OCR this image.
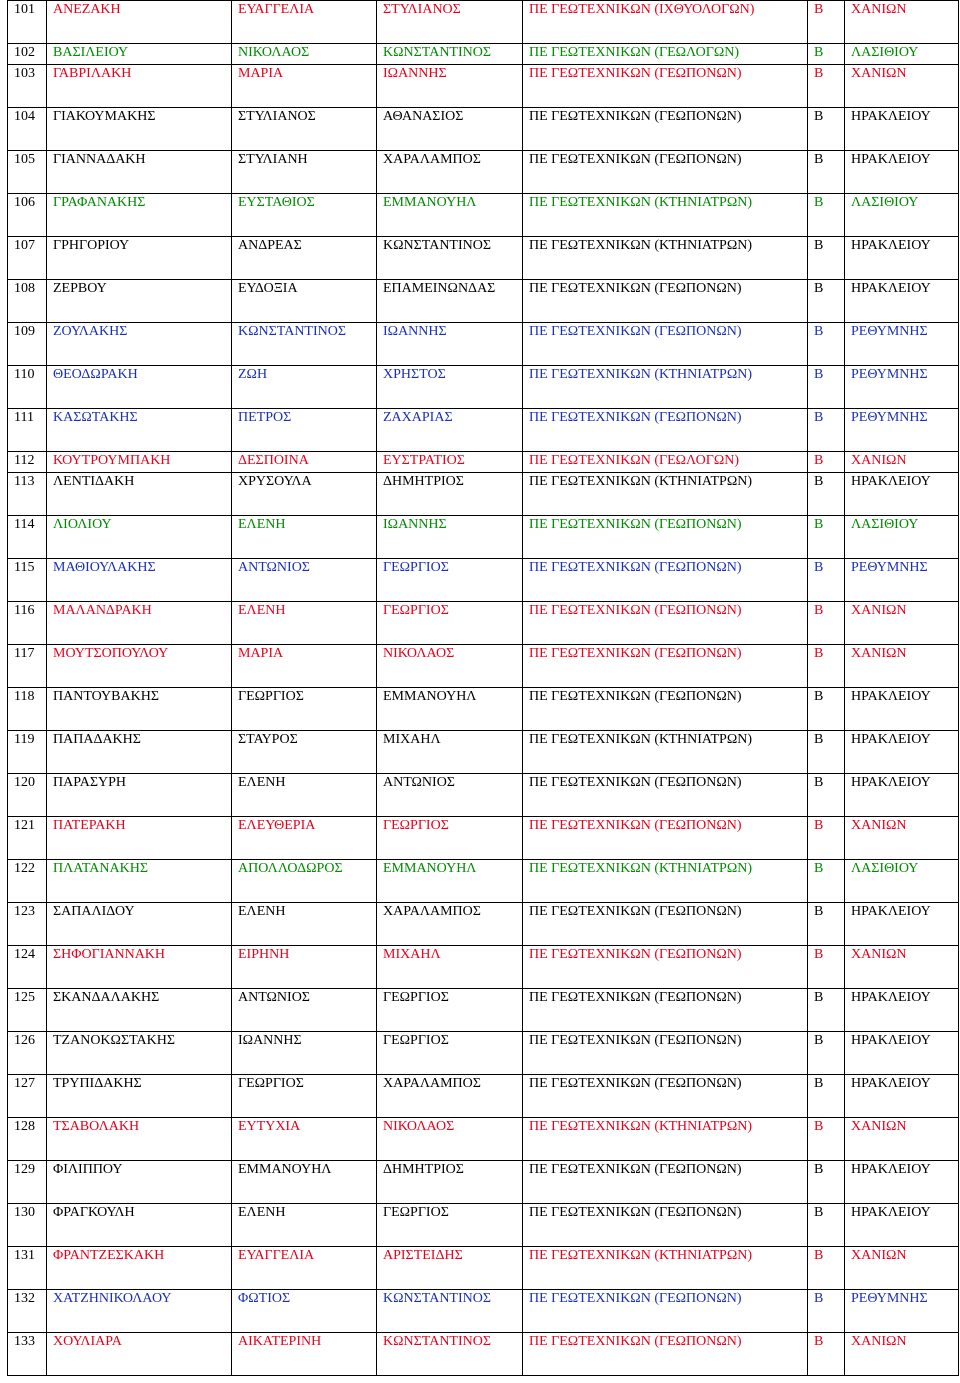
101	ΑΝΕΖΑΚΗ	ΕΥΑΓΓΕΛΙΑ	ΣΤΥΛΙΑΝΟΣ	ΠΕ ΓΕΩΤΕΧΝΙΚΩΝ (ΙΧΘΥΟΛΟΓΩΝ)	Β	ΧΑΝΙΩΝ
102	ΒΑΣΙΛΕΙΟΥ	ΝΙΚΟΛΑΟΣ	ΚΩΝΣΤΑΝΤΙΝΟΣ	ΠΕ ΓΕΩΤΕΧΝΙΚΩΝ (ΓΕΩΛΟΓΩΝ)	Β	ΛΑΣΙΘΙΟΥ
103	ΓΑΒΡΙΛΑΚΗ	ΜΑΡΙΑ	ΙΩΑΝΝΗΣ	ΠΕ ΓΕΩΤΕΧΝΙΚΩΝ (ΓΕΩΠΟΝΩΝ)	Β	ΧΑΝΙΩΝ
104	ΓΙΑΚΟΥΜΑΚΗΣ	ΣΤΥΛΙΑΝΟΣ	ΑΘΑΝΑΣΙΟΣ	ΠΕ ΓΕΩΤΕΧΝΙΚΩΝ (ΓΕΩΠΟΝΩΝ)	Β	ΗΡΑΚΛΕΙΟΥ
105	ΓΙΑΝΝΑΔΑΚΗ	ΣΤΥΛΙΑΝΗ	ΧΑΡΑΛΑΜΠΟΣ	ΠΕ ΓΕΩΤΕΧΝΙΚΩΝ (ΓΕΩΠΟΝΩΝ)	Β	ΗΡΑΚΛΕΙΟΥ
106	ΓΡΑΦΑΝΑΚΗΣ	ΕΥΣΤΑΘΙΟΣ	ΕΜΜΑΝΟΥΗΛ	ΠΕ ΓΕΩΤΕΧΝΙΚΩΝ (ΚΤΗΝΙΑΤΡΩΝ)	Β	ΛΑΣΙΘΙΟΥ
107	ΓΡΗΓΟΡΙΟΥ	ΑΝΔΡΕΑΣ	ΚΩΝΣΤΑΝΤΙΝΟΣ	ΠΕ ΓΕΩΤΕΧΝΙΚΩΝ (ΚΤΗΝΙΑΤΡΩΝ)	Β	ΗΡΑΚΛΕΙΟΥ
108	ΖΕΡΒΟΥ	ΕΥΔΟΞΙΑ	ΕΠΑΜΕΙΝΩΝΔΑΣ	ΠΕ ΓΕΩΤΕΧΝΙΚΩΝ (ΓΕΩΠΟΝΩΝ)	Β	ΗΡΑΚΛΕΙΟΥ
109	ΖΟΥΛΑΚΗΣ	ΚΩΝΣΤΑΝΤΙΝΟΣ	ΙΩΑΝΝΗΣ	ΠΕ ΓΕΩΤΕΧΝΙΚΩΝ (ΓΕΩΠΟΝΩΝ)	Β	ΡΕΘΥΜΝΗΣ
110	ΘΕΟΔΩΡΑΚΗ	ΖΩΗ	ΧΡΗΣΤΟΣ	ΠΕ ΓΕΩΤΕΧΝΙΚΩΝ (ΚΤΗΝΙΑΤΡΩΝ)	Β	ΡΕΘΥΜΝΗΣ
111	ΚΑΣΩΤΑΚΗΣ	ΠΕΤΡΟΣ	ΖΑΧΑΡΙΑΣ	ΠΕ ΓΕΩΤΕΧΝΙΚΩΝ (ΓΕΩΠΟΝΩΝ)	Β	ΡΕΘΥΜΝΗΣ
112	ΚΟΥΤΡΟΥΜΠΑΚΗ	ΔΕΣΠΟΙΝΑ	ΕΥΣΤΡΑΤΙΟΣ	ΠΕ ΓΕΩΤΕΧΝΙΚΩΝ (ΓΕΩΛΟΓΩΝ)	Β	ΧΑΝΙΩΝ
113	ΛΕΝΤΙΔΑΚΗ	ΧΡΥΣΟΥΛΑ	ΔΗΜΗΤΡΙΟΣ	ΠΕ ΓΕΩΤΕΧΝΙΚΩΝ (ΚΤΗΝΙΑΤΡΩΝ)	Β	ΗΡΑΚΛΕΙΟΥ
114	ΛΙΟΛΙΟΥ	ΕΛΕΝΗ	ΙΩΑΝΝΗΣ	ΠΕ ΓΕΩΤΕΧΝΙΚΩΝ (ΓΕΩΠΟΝΩΝ)	Β	ΛΑΣΙΘΙΟΥ
115	ΜΑΘΙΟΥΛΑΚΗΣ	ΑΝΤΩΝΙΟΣ	ΓΕΩΡΓΙΟΣ	ΠΕ ΓΕΩΤΕΧΝΙΚΩΝ (ΓΕΩΠΟΝΩΝ)	Β	ΡΕΘΥΜΝΗΣ
116	ΜΑΛΑΝΔΡΑΚΗ	ΕΛΕΝΗ	ΓΕΩΡΓΙΟΣ	ΠΕ ΓΕΩΤΕΧΝΙΚΩΝ (ΓΕΩΠΟΝΩΝ)	Β	ΧΑΝΙΩΝ
117	ΜΟΥΤΣΟΠΟΥΛΟΥ	ΜΑΡΙΑ	ΝΙΚΟΛΑΟΣ	ΠΕ ΓΕΩΤΕΧΝΙΚΩΝ (ΓΕΩΠΟΝΩΝ)	Β	ΧΑΝΙΩΝ
118	ΠΑΝΤΟΥΒΑΚΗΣ	ΓΕΩΡΓΙΟΣ	ΕΜΜΑΝΟΥΗΛ	ΠΕ ΓΕΩΤΕΧΝΙΚΩΝ (ΓΕΩΠΟΝΩΝ)	Β	ΗΡΑΚΛΕΙΟΥ
119	ΠΑΠΑΔΑΚΗΣ	ΣΤΑΥΡΟΣ	ΜΙΧΑΗΛ	ΠΕ ΓΕΩΤΕΧΝΙΚΩΝ (ΚΤΗΝΙΑΤΡΩΝ)	Β	ΗΡΑΚΛΕΙΟΥ
120	ΠΑΡΑΣΥΡΗ	ΕΛΕΝΗ	ΑΝΤΩΝΙΟΣ	ΠΕ ΓΕΩΤΕΧΝΙΚΩΝ (ΓΕΩΠΟΝΩΝ)	Β	ΗΡΑΚΛΕΙΟΥ
121	ΠΑΤΕΡΑΚΗ	ΕΛΕΥΘΕΡΙΑ	ΓΕΩΡΓΙΟΣ	ΠΕ ΓΕΩΤΕΧΝΙΚΩΝ (ΓΕΩΠΟΝΩΝ)	Β	ΧΑΝΙΩΝ
122	ΠΛΑΤΑΝΑΚΗΣ	ΑΠΟΛΛΟΔΩΡΟΣ	ΕΜΜΑΝΟΥΗΛ	ΠΕ ΓΕΩΤΕΧΝΙΚΩΝ (ΚΤΗΝΙΑΤΡΩΝ)	Β	ΛΑΣΙΘΙΟΥ
123	ΣΑΠΑΛΙΔΟΥ	ΕΛΕΝΗ	ΧΑΡΑΛΑΜΠΟΣ	ΠΕ ΓΕΩΤΕΧΝΙΚΩΝ (ΓΕΩΠΟΝΩΝ)	Β	ΗΡΑΚΛΕΙΟΥ
124	ΣΗΦΟΓΙΑΝΝΑΚΗ	ΕΙΡΗΝΗ	ΜΙΧΑΗΛ	ΠΕ ΓΕΩΤΕΧΝΙΚΩΝ (ΓΕΩΠΟΝΩΝ)	Β	ΧΑΝΙΩΝ
125	ΣΚΑΝΔΑΛΑΚΗΣ	ΑΝΤΩΝΙΟΣ	ΓΕΩΡΓΙΟΣ	ΠΕ ΓΕΩΤΕΧΝΙΚΩΝ (ΓΕΩΠΟΝΩΝ)	Β	ΗΡΑΚΛΕΙΟΥ
126	ΤΖΑΝΟΚΩΣΤΑΚΗΣ	ΙΩΑΝΝΗΣ	ΓΕΩΡΓΙΟΣ	ΠΕ ΓΕΩΤΕΧΝΙΚΩΝ (ΓΕΩΠΟΝΩΝ)	Β	ΗΡΑΚΛΕΙΟΥ
127	ΤΡΥΠΙΔΑΚΗΣ	ΓΕΩΡΓΙΟΣ	ΧΑΡΑΛΑΜΠΟΣ	ΠΕ ΓΕΩΤΕΧΝΙΚΩΝ (ΓΕΩΠΟΝΩΝ)	Β	ΗΡΑΚΛΕΙΟΥ
128	ΤΣΑΒΟΛΑΚΗ	ΕΥΤΥΧΙΑ	ΝΙΚΟΛΑΟΣ	ΠΕ ΓΕΩΤΕΧΝΙΚΩΝ (ΚΤΗΝΙΑΤΡΩΝ)	Β	ΧΑΝΙΩΝ
129	ΦΙΛΙΠΠΟΥ	ΕΜΜΑΝΟΥΗΛ	ΔΗΜΗΤΡΙΟΣ	ΠΕ ΓΕΩΤΕΧΝΙΚΩΝ (ΓΕΩΠΟΝΩΝ)	Β	ΗΡΑΚΛΕΙΟΥ
130	ΦΡΑΓΚΟΥΛΗ	ΕΛΕΝΗ	ΓΕΩΡΓΙΟΣ	ΠΕ ΓΕΩΤΕΧΝΙΚΩΝ (ΓΕΩΠΟΝΩΝ)	Β	ΗΡΑΚΛΕΙΟΥ
131	ΦΡΑΝΤΖΕΣΚΑΚΗ	ΕΥΑΓΓΕΛΙΑ	ΑΡΙΣΤΕΙΔΗΣ	ΠΕ ΓΕΩΤΕΧΝΙΚΩΝ (ΚΤΗΝΙΑΤΡΩΝ)	Β	ΧΑΝΙΩΝ
132	ΧΑΤΖΗΝΙΚΟΛΑΟΥ	ΦΩΤΙΟΣ	ΚΩΝΣΤΑΝΤΙΝΟΣ	ΠΕ ΓΕΩΤΕΧΝΙΚΩΝ (ΓΕΩΠΟΝΩΝ)	Β	ΡΕΘΥΜΝΗΣ
133	ΧΟΥΛΙΑΡΑ	ΑΙΚΑΤΕΡΙΝΗ	ΚΩΝΣΤΑΝΤΙΝΟΣ	ΠΕ ΓΕΩΤΕΧΝΙΚΩΝ (ΓΕΩΠΟΝΩΝ)	Β	ΧΑΝΙΩΝ
